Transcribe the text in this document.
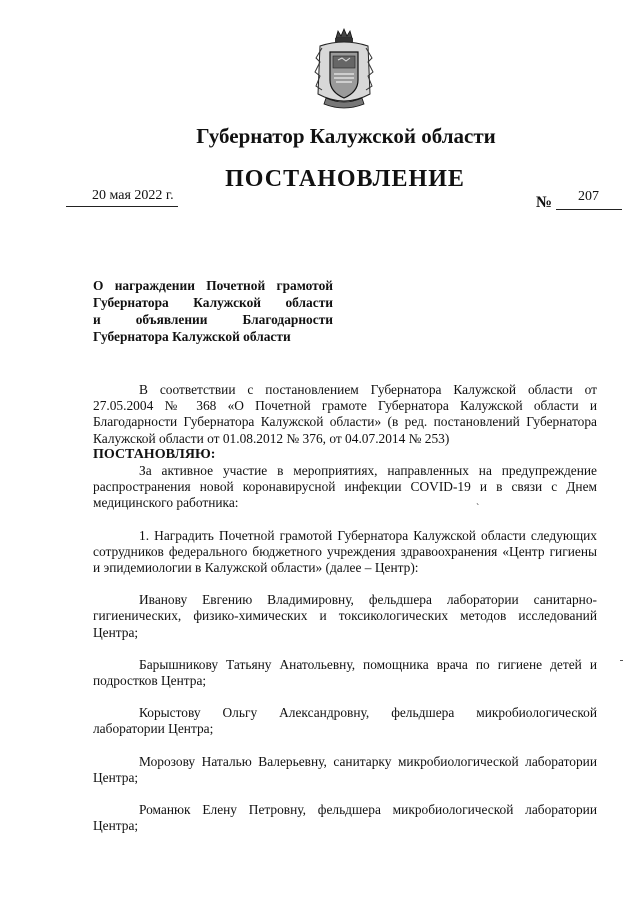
Губернатор Калужской области
ПОСТАНОВЛЕНИЕ
20 мая 2022 г.	№ 207
О награждении Почетной грамотой
Губернатора Калужской области
и объявлении Благодарности
Губернатора Калужской области
В соответствии с постановлением Губернатора Калужской области от 27.05.2004 № 368 «О Почетной грамоте Губернатора Калужской области и Благодарности Губернатора Калужской области» (в ред. постановлений Губернатора Калужской области от 01.08.2012 № 376, от 04.07.2014 № 253)
ПОСТАНОВЛЯЮ:
За активное участие в мероприятиях, направленных на предупреждение распространения новой коронавирусной инфекции COVID-19 и в связи с Днем медицинского работника:
1. Наградить Почетной грамотой Губернатора Калужской области следующих сотрудников федерального бюджетного учреждения здравоохранения «Центр гигиены и эпидемиологии в Калужской области» (далее – Центр):
Иванову Евгению Владимировну, фельдшера лаборатории санитарно-гигиенических, физико-химических и токсикологических методов исследований Центра;
Барышникову Татьяну Анатольевну, помощника врача по гигиене детей и подростков Центра;
Корыстову Ольгу Александровну, фельдшера микробиологической лаборатории Центра;
Морозову Наталью Валерьевну, санитарку микробиологической лаборатории Центра;
Романюк Елену Петровну, фельдшера микробиологической лаборатории Центра;
`
